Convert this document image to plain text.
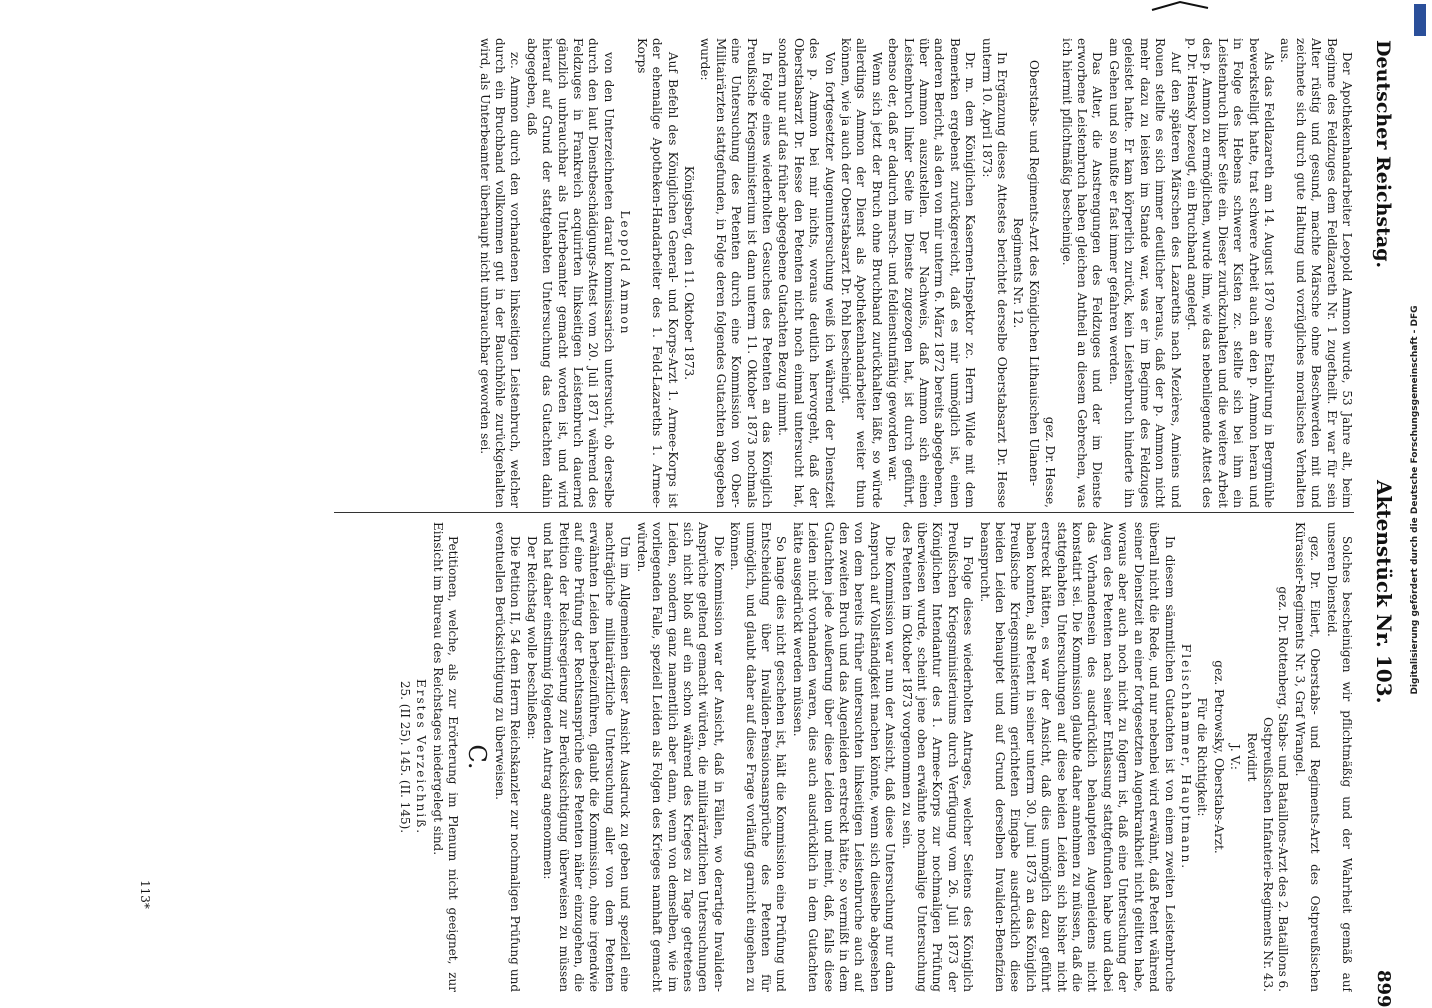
Deutscher Reichstag.
Aktenstück Nr. 103.
899

Der Apothekenhandarbeiter Leopold Ammon wurde, 53 Jahre alt, beim Beginne des Feldzuges dem Feldlazareth Nr. 1 zugetheilt. Er war für sein Alter rüstig und gesund, machte Märsche ohne Beschwerden mit und zeichnete sich durch gute Haltung und vorzügliches moralisches Verhalten aus.

Als das Feldlazareth am 14. August 1870 seine Etablirung in Bergmühle bewerkstelligt hatte, trat schwere Arbeit auch an den p. Ammon heran und in Folge des Hebens schwerer Kisten zc. stellte sich bei ihm ein Leistenbruch linker Seite ein. Dieser zurückzuhalten und die weitere Arbeit des p. Ammon zu ermöglichen, wurde ihm, wie das nebenliegende Attest des p. Dr. Hensky bezeugt, ein Bruchband angelegt.

Auf den späteren Märschen des Lazareths nach Mezières, Amiens und Rouen stellte es sich immer deutlicher heraus, daß der p. Ammon nicht mehr dazu zu leisten im Stande war, was er im Beginne des Feldzuges geleistet hatte. Er kam körperlich zurück, kein Leistenbruch hinderte ihn am Gehen und so mußte er fast immer gefahren werden.

Das Alter, die Anstrengungen des Feldzuges und der im Dienste erworbene Leistenbruch haben gleichen Antheil an diesem Gebrechen, was ich hiermit pflichtmäßig bescheinige.

gez. Dr. Hesse,

Oberstabs- und Regiments-Arzt des Königlichen Lithauischen Ulanen-Regiments Nr. 12.

In Ergänzung dieses Attestes berichtet derselbe Oberstabsarzt Dr. Hesse unterm 10. April 1873:

Dr. m. dem Königlichen Kasernen-Inspektor zc. Herrn Wilde mit dem Bemerken ergebenst zurückgereicht, daß es mir unmöglich ist, einen anderen Bericht, als den von mir unterm 6. März 1872 bereits abgegebenen, über Ammon auszustellen. Der Nachweis, daß Ammon sich einen Leistenbruch linker Seite im Dienste zugezogen hat, ist durch geführt, ebenso der, daß er dadurch marsch- und feldienstunfähig geworden war.

Wenn sich jetzt der Bruch ohne Bruchband zurückhalten läßt, so würde allerdings Ammon der Dienst als Apothekenhandarbeiter weiter thun können, wie ja auch der Oberstabsarzt Dr. Pohl bescheinigt.

Von fortgesetzter Augenuntersuchung weiß ich während der Dienstzeit des p. Ammon bei mir nichts, woraus deutlich hervorgeht, daß der Oberstabsarzt Dr. Hesse den Petenten nicht noch einmal untersucht hat, sondern nur auf das früher abgegebene Gutachten Bezug nimmt.

In Folge eines wiederholten Gesuches des Petenten an das Königlich Preußische Kriegsministerium ist dann unterm 11. Oktober 1873 nochmals eine Untersuchung des Petenten durch eine Kommission von Ober-Militairärzten stattgefunden, in Folge deren folgendes Gutachten abgegeben wurde:

Königsberg, den 11. Oktober 1873.

Auf Befehl des Königlichen General- und Korps-Arzt 1. Armee-Korps ist der ehemalige Apotheken-Handarbeiter des 1. Feld-Lazareths 1. Armee-Korps

Leopold Ammon

von den Unterzeichneten darauf kommissarisch untersucht, ob derselbe durch den laut Dienstbeschädigungs-Attest vom 20. Juli 1871 während des Feldzuges in Frankreich acquirirten linkseitigen Leistenbruch dauernd gänzlich unbrauchbar als Unterbeamter gemacht worden ist, und wird hierauf auf Grund der stattgehabten Untersuchung das Gutachten dahin abgegeben, daß

zc. Ammon durch den vorhandenen linkseitigen Leistenbruch, welcher durch ein Bruchband vollkommen gut in der Bauchhöhle zurückgehalten wird, als Unterbeamter überhaupt nicht unbrauchbar geworden sei.

Solches bescheinigen wir pflichtmäßig und der Wahrheit gemäß auf unseren Diensteid.

gez. Dr. Eilert, Oberstabs- und Regiments-Arzt des Ostpreußischen Kürassier-Regiments Nr. 3, Graf Wrangel.

gez. Dr. Rottenberg, Stabs- und Bataillons-Arzt des 2. Bataillons 6. Ostpreußischen Infanterie-Regiments Nr. 43.

Revidirt

J. V.:

gez. Petrowsky, Oberstabs-Arzt.

Für die Richtigkeit:

Fleischhammer, Hauptmann.

In diesem sämmtlichen Gutachten ist von einem zweiten Leistenbruche überall nicht die Rede, und nur nebenbei wird erwähnt, daß Petent während seiner Dienstzeit an einer fortgesetzten Augenkrankheit nicht gelitten habe, woraus aber auch noch nicht zu folgern ist, daß eine Untersuchung der Augen des Petenten nach seiner Entlassung stattgefunden habe und dabei das Vorhandensein des ausdrücklich behaupteten Augenleidens nicht konstatirt sei. Die Kommission glaubte daher annehmen zu müssen, daß die stattgehabten Untersuchungen auf diese beiden Leiden sich bisher nicht erstreckt hätten, es war der Ansicht, daß dies unmöglich dazu geführt haben konnten, als Petent in seiner unterm 30. Juni 1873 an das Königlich Preußische Kriegsministerium gerichteten Eingabe ausdrücklich diese beiden Leiden behauptet und auf Grund derselben Invaliden-Benefizien beansprucht.

In Folge dieses wiederholten Antrages, welcher Seitens des Königlich Preußischen Kriegsministeriums durch Verfügung vom 26. Juli 1873 der Königlichen Intendantur des 1. Armee-Korps zur nochmaligen Prüfung überwiesen wurde, scheint jene oben erwähnte nochmalige Untersuchung des Petenten im Oktober 1873 vorgenommen zu sein.

Die Kommission war nun der Ansicht, daß diese Untersuchung nur dann Anspruch auf Vollständigkeit machen könnte, wenn sich dieselbe abgesehen von dem bereits früher untersuchten linkseitigen Leistenbruche auch auf den zweiten Bruch und das Augenleiden erstreckt hätte, so vermißt in dem Gutachten jede Aeußerung über diese Leiden und meint, daß, falls diese Leiden nicht vorhanden waren, dies auch ausdrücklich in dem Gutachten hätte ausgedrückt werden müssen.

So lange dies nicht geschehen ist, hält die Kommission eine Prüfung und Entscheidung über Invaliden-Pensionsansprüche des Petenten für unmöglich, und glaubt daher auf diese Frage vorläufig garnicht eingehen zu können.

Die Kommission war der Ansicht, daß in Fällen, wo derartige Invaliden-Ansprüche geltend gemacht würden, die militairärztlichen Untersuchungen sich nicht bloß auf ein schon während des Krieges zu Tage getretenes Leiden, sondern ganz namentlich aber dann, wenn von demselben, wie im vorliegenden Falle, speziell Leiden als Folgen des Krieges namhaft gemacht würden.

Um im Allgemeinen dieser Ansicht Ausdruck zu geben und speziell eine nachträgliche militairärztliche Untersuchung aller von dem Petenten erwähnten Leiden herbeizuführen, glaubt die Kommission, ohne irgendwie auf eine Prüfung der Rechtsansprüche des Petenten näher einzugehen, die Petition der Reichsregierung zur Berücksichtigung überweisen zu müssen und hat daher einstimmig folgenden Antrag angenommen:

Der Reichstag wolle beschließen:

Die Petition II, 54 dem Herrn Reichskanzler zur nochmaligen Prüfung und eventuellen Berücksichtigung zu überweisen.

C.

Petitionen, welche, als zur Erörterung im Plenum nicht geeignet, zur Einsicht im Bureau des Reichstages niedergelegt sind.

Erstes Verzeichniß.

25. (II 25). 145. (II. 145).

113*
Digitalisierung gefördert durch die Deutsche Forschungsgemeinschaft - DFG
